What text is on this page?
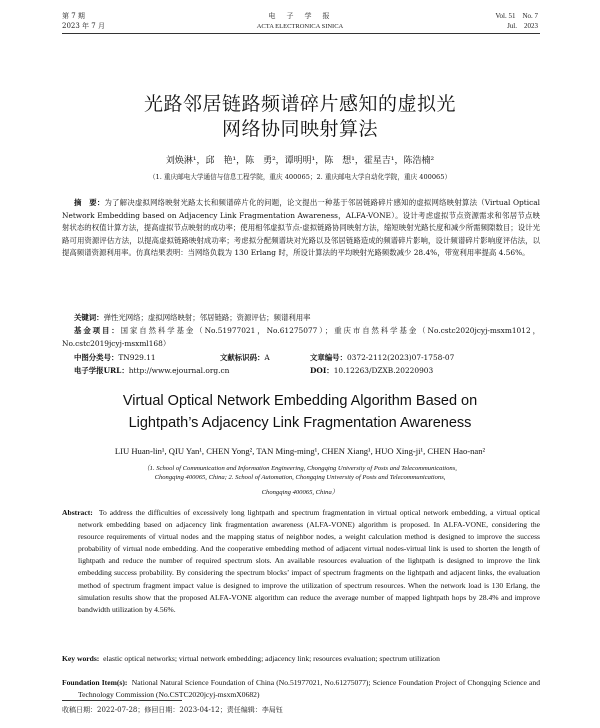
第 7 期
2023 年 7 月
电　子　学　报
ACTA ELECTRONICA SINICA
Vol. 51　No. 7
Jul.　2023
光路邻居链路频谱碎片感知的虚拟光
网络协同映射算法
刘焕淋¹，邱　艳¹，陈　勇²，谭明明¹，陈　想¹，霍星吉¹，陈浩楠²
（1. 重庆邮电大学通信与信息工程学院，重庆 400065；2. 重庆邮电大学自动化学院，重庆 400065）
摘　要：为了解决虚拟网络映射光路太长和频谱碎片化的问题，论文提出一种基于邻居链路碎片感知的虚拟网络映射算法（Virtual Optical Network Embedding based on Adjacency Link Fragmentation Awareness，ALFA-VONE）。设计考虑虚拟节点资源需求和邻居节点映射状态的权值计算方法，提高虚拟节点映射的成功率；使用相邻虚拟节点-虚拟链路协同映射方法，缩短映射光路长度和减少所需频隙数目；设计光路可用资源评估方法，以提高虚拟链路映射成功率；考虑拟分配频谱块对光路以及邻居链路造成的频谱碎片影响，设计频谱碎片影响度评估法，以提高频谱资源利用率。仿真结果表明：当网络负载为 130 Erlang 时，所设计算法的平均映射光路频数减少 28.4%，带宽利用率提高 4.56%。
关键词：弹性光网络；虚拟网络映射；邻居链路；资源评估；频谱利用率
基金项目：国家自然科学基金（No.51977021，No.61275077）；重庆市自然科学基金（No.cstc2020jcyj-msxm1012，No.cstc2019jcyj-msxml168）
中图分类号：TN929.11	文献标识码：A	文章编号：0372-2112(2023)07-1758-07
电子学报URL：http://www.ejournal.org.cn	DOI：10.12263/DZXB.20220903
Virtual Optical Network Embedding Algorithm Based on
Lightpath’s Adjacency Link Fragmentation Awareness
LIU Huan-lin¹, QIU Yan¹, CHEN Yong², TAN Ming-ming¹, CHEN Xiang¹, HUO Xing-ji¹, CHEN Hao-nan²
（1. School of Communication and Information Engineering, Chongqing University of Posts and Telecommunications,
Chongqing 400065, China; 2. School of Automation, Chongqing University of Posts and Telecommunications,
Chongqing 400065, China）
Abstract: To address the difficulties of excessively long lightpath and spectrum fragmentation in virtual optical network embedding, a virtual optical network embedding based on adjacency link fragmentation awareness (ALFA-VONE) algorithm is proposed. In ALFA-VONE, considering the resource requirements of virtual nodes and the mapping status of neighbor nodes, a weight calculation method is designed to improve the success probability of virtual node embedding. And the cooperative embedding method of adjacent virtual nodes-virtual link is used to shorten the length of lightpath and reduce the number of required spectrum slots. An available resources evaluation of the lightpath is designed to improve the link embedding success probability. By considering the spectrum blocks’ impact of spectrum fragments on the lightpath and adjacent links, the evaluation method of spectrum fragment impact value is designed to improve the utilization of spectrum resources. When the network load is 130 Erlang, the simulation results show that the proposed ALFA-VONE algorithm can reduce the average number of mapped lightpath hops by 28.4% and improve bandwidth utilization by 4.56%.
Key words: elastic optical networks; virtual network embedding; adjacency link; resources evaluation; spectrum utilization
Foundation Item(s): National Natural Science Foundation of China (No.51977021, No.61275077); Science Foundation Project of Chongqing Science and Technology Commission (No.CSTC2020jcyj-msxmX0682)
收稿日期：2022-07-28；修回日期：2023-04-12；责任编辑：李局钰
